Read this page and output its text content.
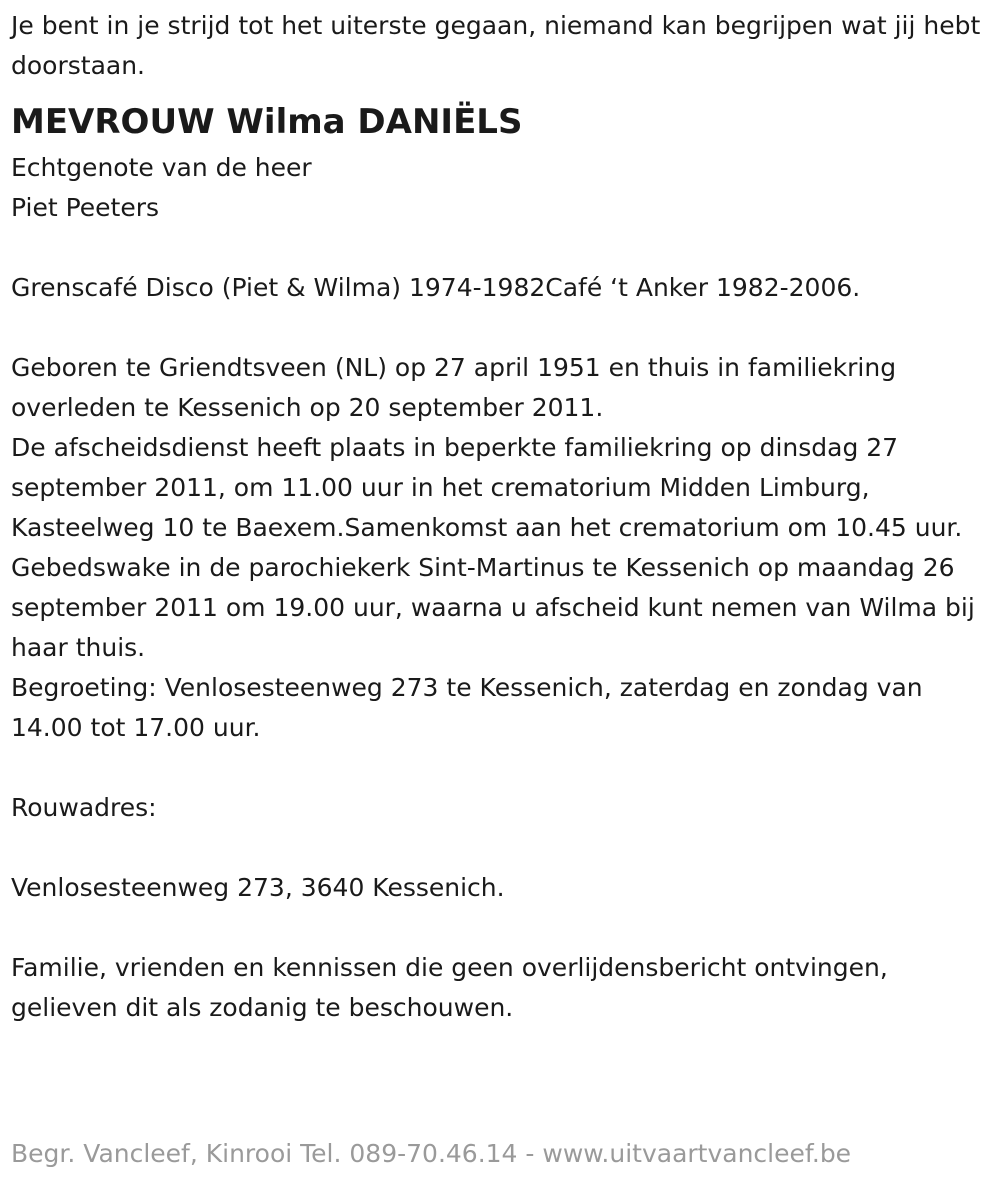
Je bent in je strijd tot het uiterste gegaan, niemand kan begrijpen wat jij hebt doorstaan.

MEVROUW Wilma DANIËLS

Echtgenote van de heer

Piet Peeters

Grenscafé Disco (Piet & Wilma) 1974-1982Café ‘t Anker 1982-2006.

Geboren te Griendtsveen (NL) op 27 april 1951 en thuis in familiekring overleden te Kessenich op 20 september 2011.

De afscheidsdienst heeft plaats in beperkte familiekring op dinsdag 27 september 2011, om 11.00 uur in het crematorium Midden Limburg, Kasteelweg 10 te Baexem.Samenkomst aan het crematorium om 10.45 uur.

Gebedswake in de parochiekerk Sint-Martinus te Kessenich op maandag 26 september 2011 om 19.00 uur, waarna u afscheid kunt nemen van Wilma bij haar thuis.

Begroeting: Venlosesteenweg 273 te Kessenich, zaterdag en zondag van 14.00 tot 17.00 uur.

Rouwadres:

Venlosesteenweg 273, 3640 Kessenich.

Familie, vrienden en kennissen die geen overlijdensbericht ontvingen, gelieven dit als zodanig te beschouwen.

Begr. Vancleef, Kinrooi Tel. 089-70.46.14 - www.uitvaartvancleef.be
